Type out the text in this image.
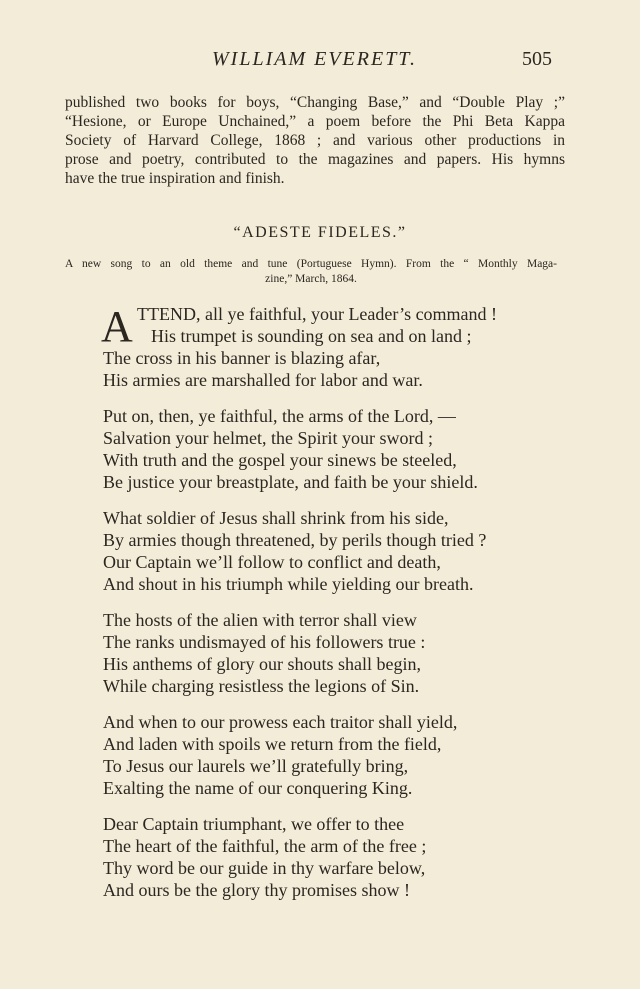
WILLIAM EVERETT.	505
published two books for boys, “Changing Base,” and “Double Play ;”
“Hesione, or Europe Unchained,” a poem before the Phi Beta Kappa
Society of Harvard College, 1868 ; and various other productions in
prose and poetry, contributed to the magazines and papers. His hymns
have the true inspiration and finish.
“ADESTE FIDELES.”
A new song to an old theme and tune (Portuguese Hymn). From the “ Monthly Maga-
zine,” March, 1864.
A TTEND, all ye faithful, your Leader’s command !
His trumpet is sounding on sea and on land ;
The cross in his banner is blazing afar,
His armies are marshalled for labor and war.
Put on, then, ye faithful, the arms of the Lord, —
Salvation your helmet, the Spirit your sword ;
With truth and the gospel your sinews be steeled,
Be justice your breastplate, and faith be your shield.
What soldier of Jesus shall shrink from his side,
By armies though threatened, by perils though tried ?
Our Captain we’ll follow to conflict and death,
And shout in his triumph while yielding our breath.
The hosts of the alien with terror shall view
The ranks undismayed of his followers true :
His anthems of glory our shouts shall begin,
While charging resistless the legions of Sin.
And when to our prowess each traitor shall yield,
And laden with spoils we return from the field,
To Jesus our laurels we’ll gratefully bring,
Exalting the name of our conquering King.
Dear Captain triumphant, we offer to thee
The heart of the faithful, the arm of the free ;
Thy word be our guide in thy warfare below,
And ours be the glory thy promises show !
